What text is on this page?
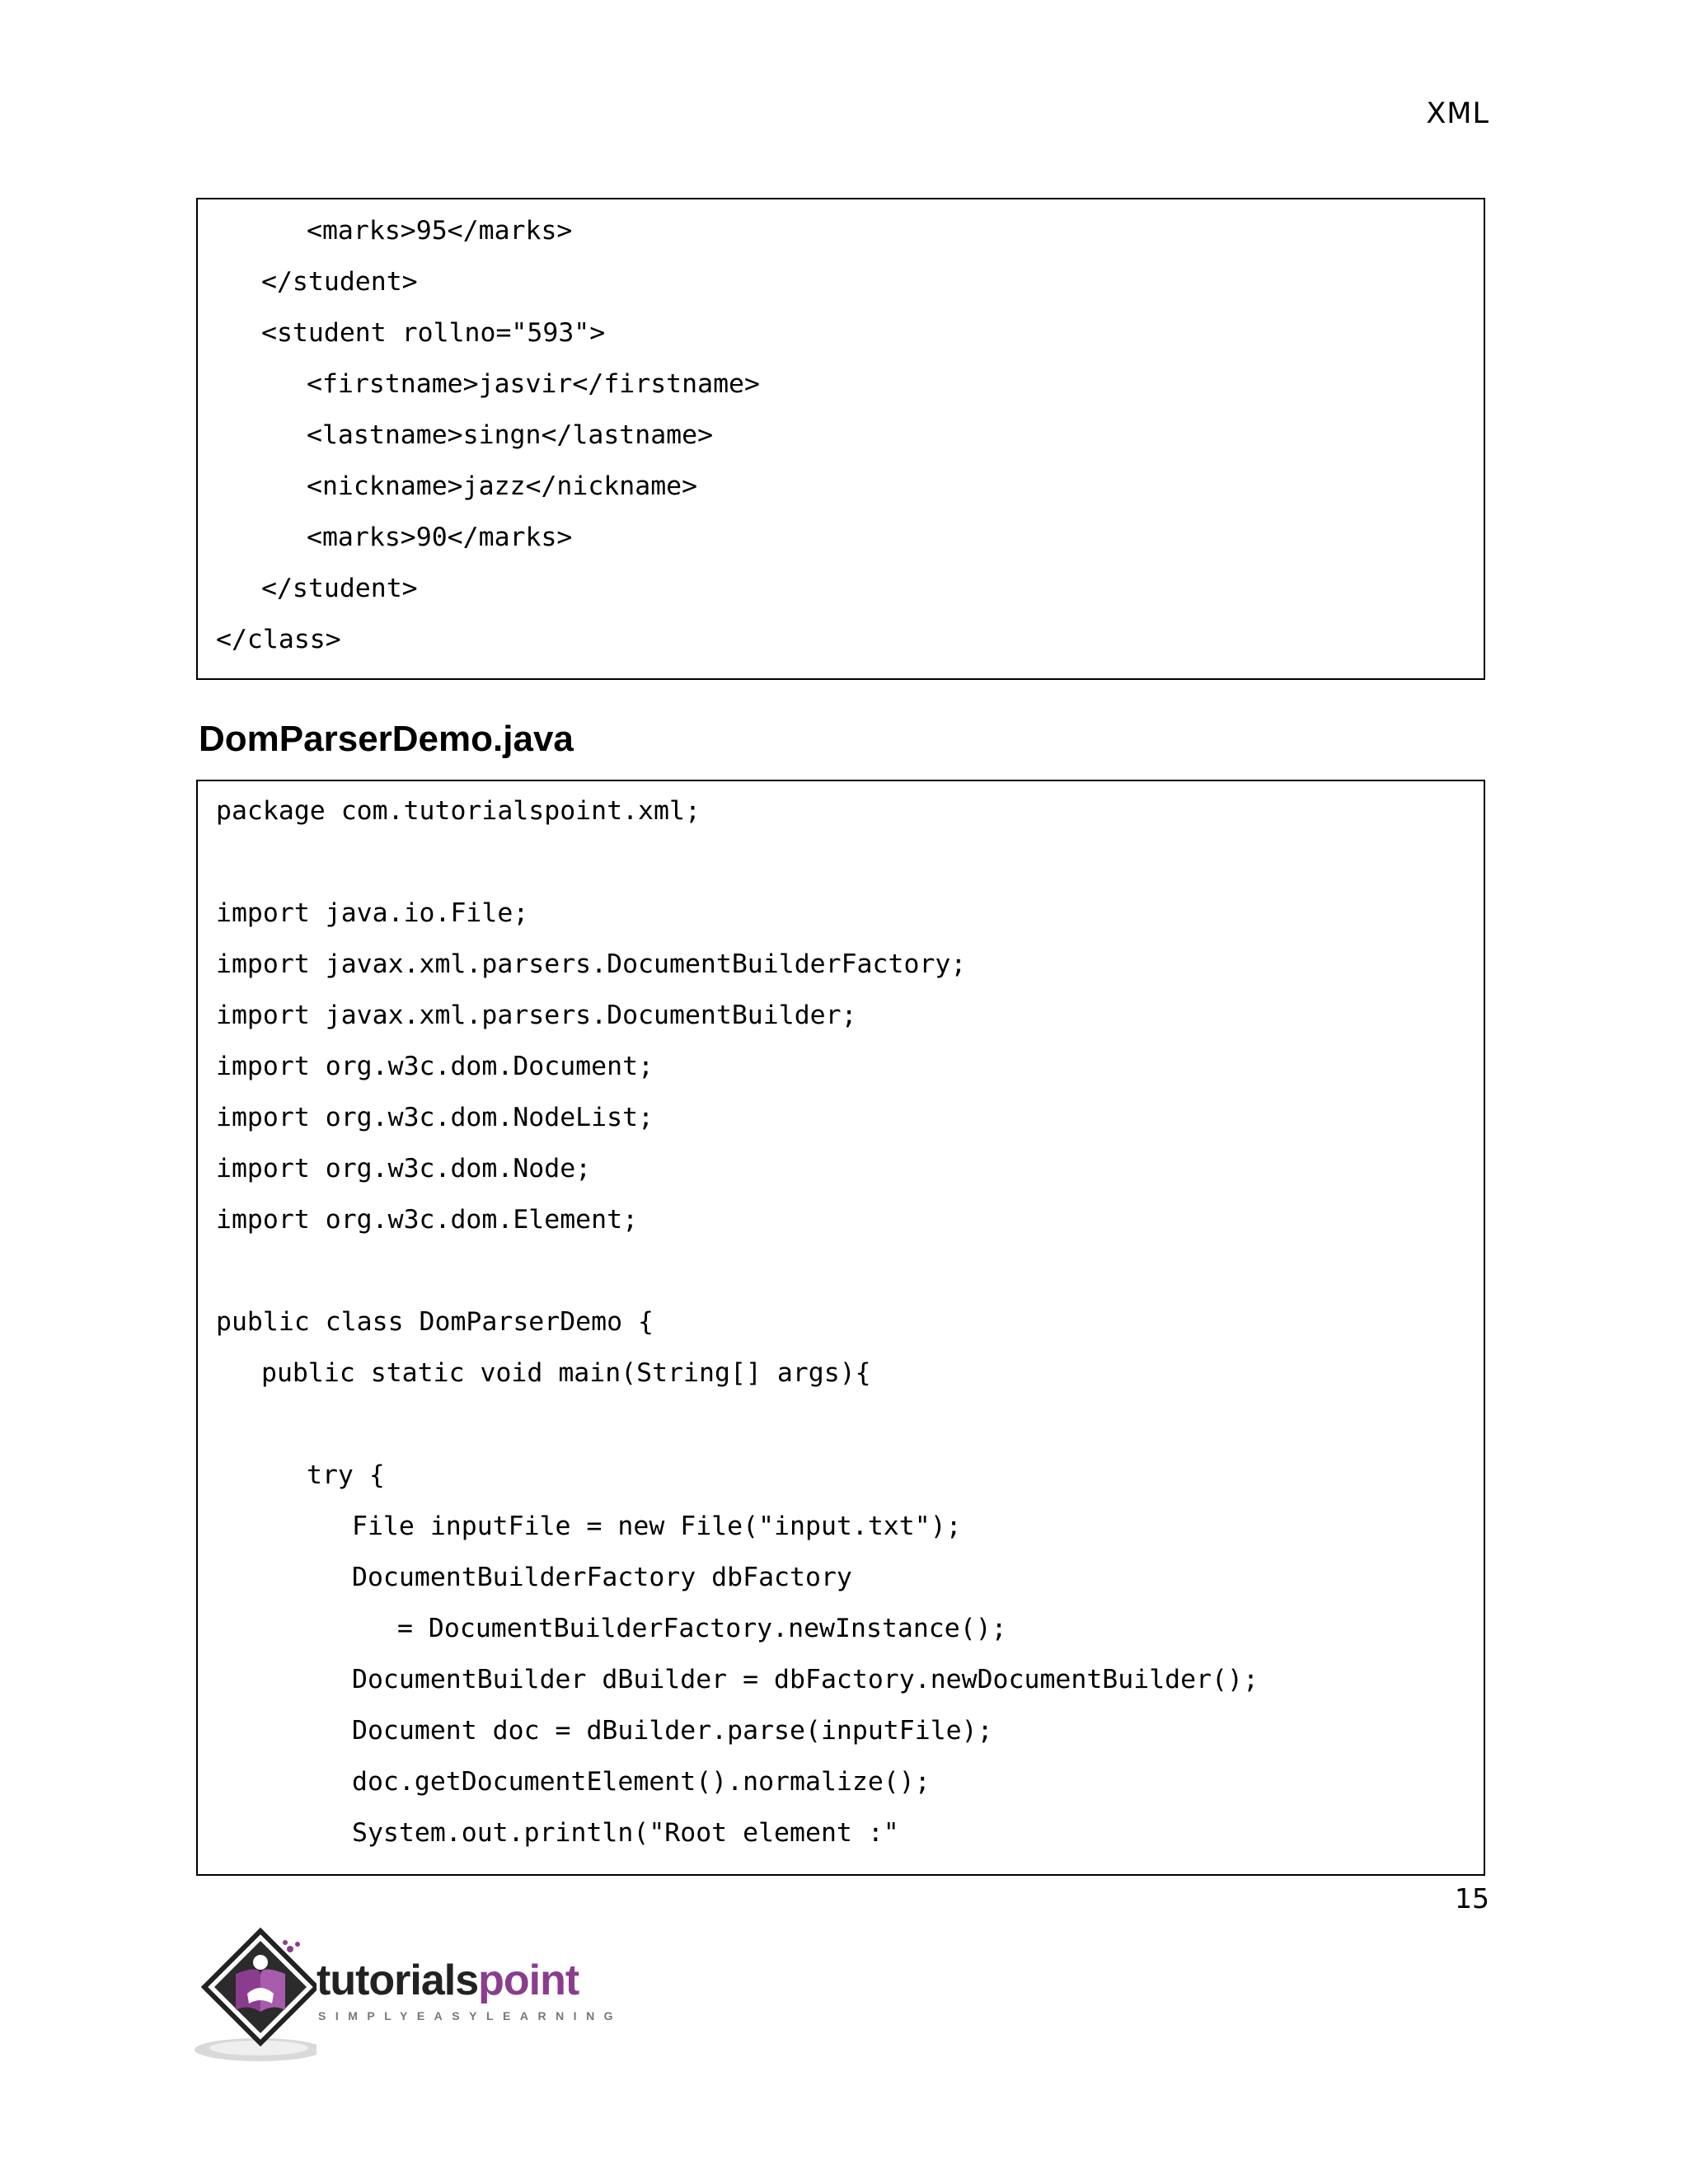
XML
<marks>95</marks>
</student>
<student rollno="593">
<firstname>jasvir</firstname>
<lastname>singn</lastname>
<nickname>jazz</nickname>
<marks>90</marks>
</student>
</class>
DomParserDemo.java
package com.tutorialspoint.xml;
import java.io.File;
import javax.xml.parsers.DocumentBuilderFactory;
import javax.xml.parsers.DocumentBuilder;
import org.w3c.dom.Document;
import org.w3c.dom.NodeList;
import org.w3c.dom.Node;
import org.w3c.dom.Element;
public class DomParserDemo {
public static void main(String[] args){
try {
File inputFile = new File("input.txt");
DocumentBuilderFactory dbFactory
= DocumentBuilderFactory.newInstance();
DocumentBuilder dBuilder = dbFactory.newDocumentBuilder();
Document doc = dBuilder.parse(inputFile);
doc.getDocumentElement().normalize();
System.out.println("Root element :"
15
tutorialspoint
SIMPLYEASYLEARNING
